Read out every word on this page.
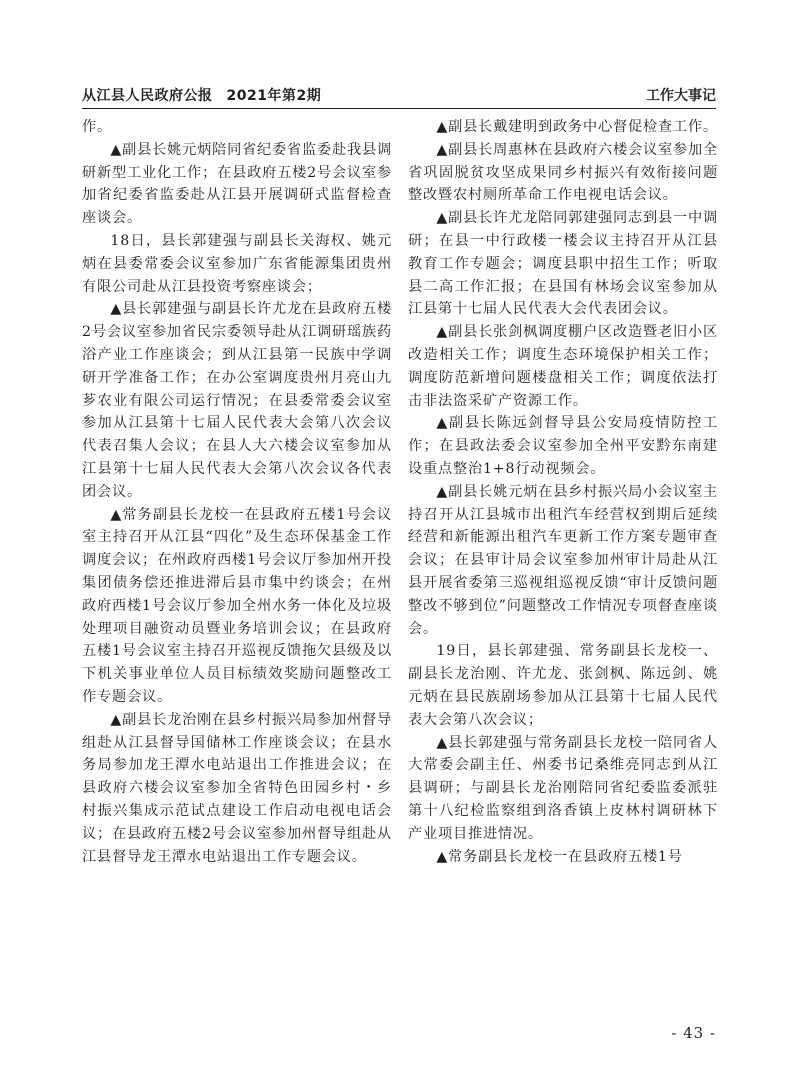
从江县人民政府公报 2021年第2期	工作大事记

作。

▲副县长姚元炳陪同省纪委省监委赴我县调研新型工业化工作；在县政府五楼2号会议室参加省纪委省监委赴从江县开展调研式监督检查座谈会。

18日，县长郭建强与副县长关海权、姚元炳在县委常委会议室参加广东省能源集团贵州有限公司赴从江县投资考察座谈会；

▲县长郭建强与副县长许尤龙在县政府五楼2号会议室参加省民宗委领导赴从江调研瑶族药浴产业工作座谈会；到从江县第一民族中学调研开学准备工作；在办公室调度贵州月亮山九芗农业有限公司运行情况；在县委常委会议室参加从江县第十七届人民代表大会第八次会议代表召集人会议；在县人大六楼会议室参加从江县第十七届人民代表大会第八次会议各代表团会议。

▲常务副县长龙校一在县政府五楼1号会议室主持召开从江县“四化”及生态环保基金工作调度会议；在州政府西楼1号会议厅参加州开投集团债务偿还推进滞后县市集中约谈会；在州政府西楼1号会议厅参加全州水务一体化及垃圾处理项目融资动员暨业务培训会议；在县政府五楼1号会议室主持召开巡视反馈拖欠县级及以下机关事业单位人员目标绩效奖励问题整改工作专题会议。

▲副县长龙治刚在县乡村振兴局参加州督导组赴从江县督导国储林工作座谈会议；在县水务局参加龙王潭水电站退出工作推进会议；在县政府六楼会议室参加全省特色田园乡村・乡村振兴集成示范试点建设工作启动电视电话会议；在县政府五楼2号会议室参加州督导组赴从江县督导龙王潭水电站退出工作专题会议。

▲副县长戴建明到政务中心督促检查工作。

▲副县长周惠林在县政府六楼会议室参加全省巩固脱贫攻坚成果同乡村振兴有效衔接问题整改暨农村厕所革命工作电视电话会议。

▲副县长许尤龙陪同郭建强同志到县一中调研；在县一中行政楼一楼会议主持召开从江县教育工作专题会；调度县职中招生工作；听取县二高工作汇报；在县国有林场会议室参加从江县第十七届人民代表大会代表团会议。

▲副县长张剑枫调度棚户区改造暨老旧小区改造相关工作；调度生态环境保护相关工作；调度防范新增问题楼盘相关工作；调度依法打击非法盗采矿产资源工作。

▲副县长陈远剑督导县公安局疫情防控工作；在县政法委会议室参加全州平安黔东南建设重点整治1+8行动视频会。

▲副县长姚元炳在县乡村振兴局小会议室主持召开从江县城市出租汽车经营权到期后延续经营和新能源出租汽车更新工作方案专题审查会议；在县审计局会议室参加州审计局赴从江县开展省委第三巡视组巡视反馈“审计反馈问题整改不够到位”问题整改工作情况专项督查座谈会。

19日，县长郭建强、常务副县长龙校一、副县长龙治刚、许尤龙、张剑枫、陈远剑、姚元炳在县民族剧场参加从江县第十七届人民代表大会第八次会议；

▲县长郭建强与常务副县长龙校一陪同省人大常委会副主任、州委书记桑维亮同志到从江县调研；与副县长龙治刚陪同省纪委监委派驻第十八纪检监察组到洛香镇上皮林村调研林下产业项目推进情况。

▲常务副县长龙校一在县政府五楼1号

- 43 -
